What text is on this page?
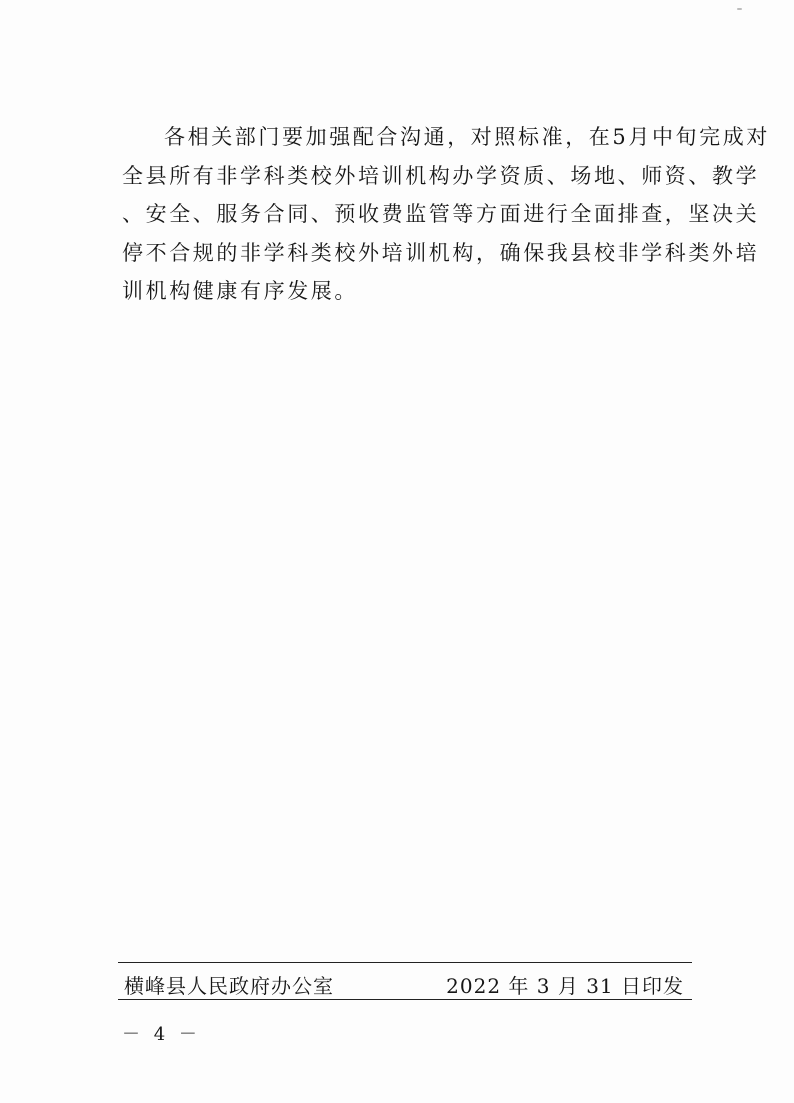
各相关部门要加强配合沟通，对照标准，在5月中旬完成对
全县所有非学科类校外培训机构办学资质、场地、师资、教学
、安全、服务合同、预收费监管等方面进行全面排查，坚决关
停不合规的非学科类校外培训机构，确保我县校非学科类外培
训机构健康有序发展。

横峰县人民政府办公室	2022 年 3 月 31 日印发
－ 4 －
